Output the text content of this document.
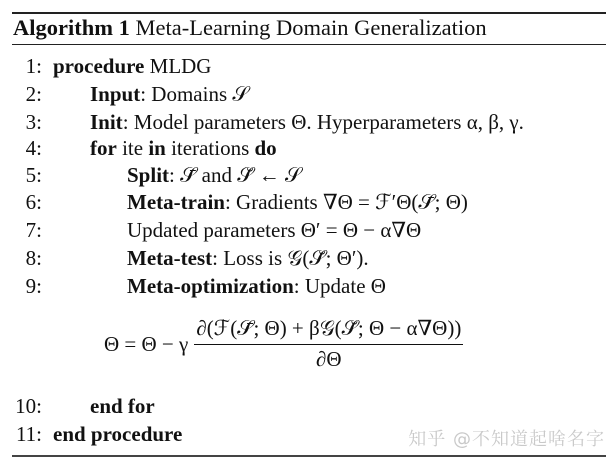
Algorithm 1 Meta-Learning Domain Generalization
1: procedure MLDG
2: Input: Domains 𝒮
3: Init: Model parameters Θ. Hyperparameters α, β, γ.
4: for ite in iterations do
5:	Split: 𝒮̄ and 𝒮̆ ← 𝒮
6:	Meta-train: Gradients ∇Θ = ℱ′Θ(𝒮̄; Θ)
7:	Updated parameters Θ′ = Θ − α∇Θ
8:	Meta-test: Loss is 𝒢(𝒮̆; Θ′).
9:	Meta-optimization: Update Θ
Θ = Θ − γ $\frac{\text{∂(ℱ(𝒮̄; Θ) + β𝒢(𝒮̆; Θ − α∇Θ))}}{\partial\Theta}$
10: end for
11: end procedure	知乎 @不知道起啥名字
